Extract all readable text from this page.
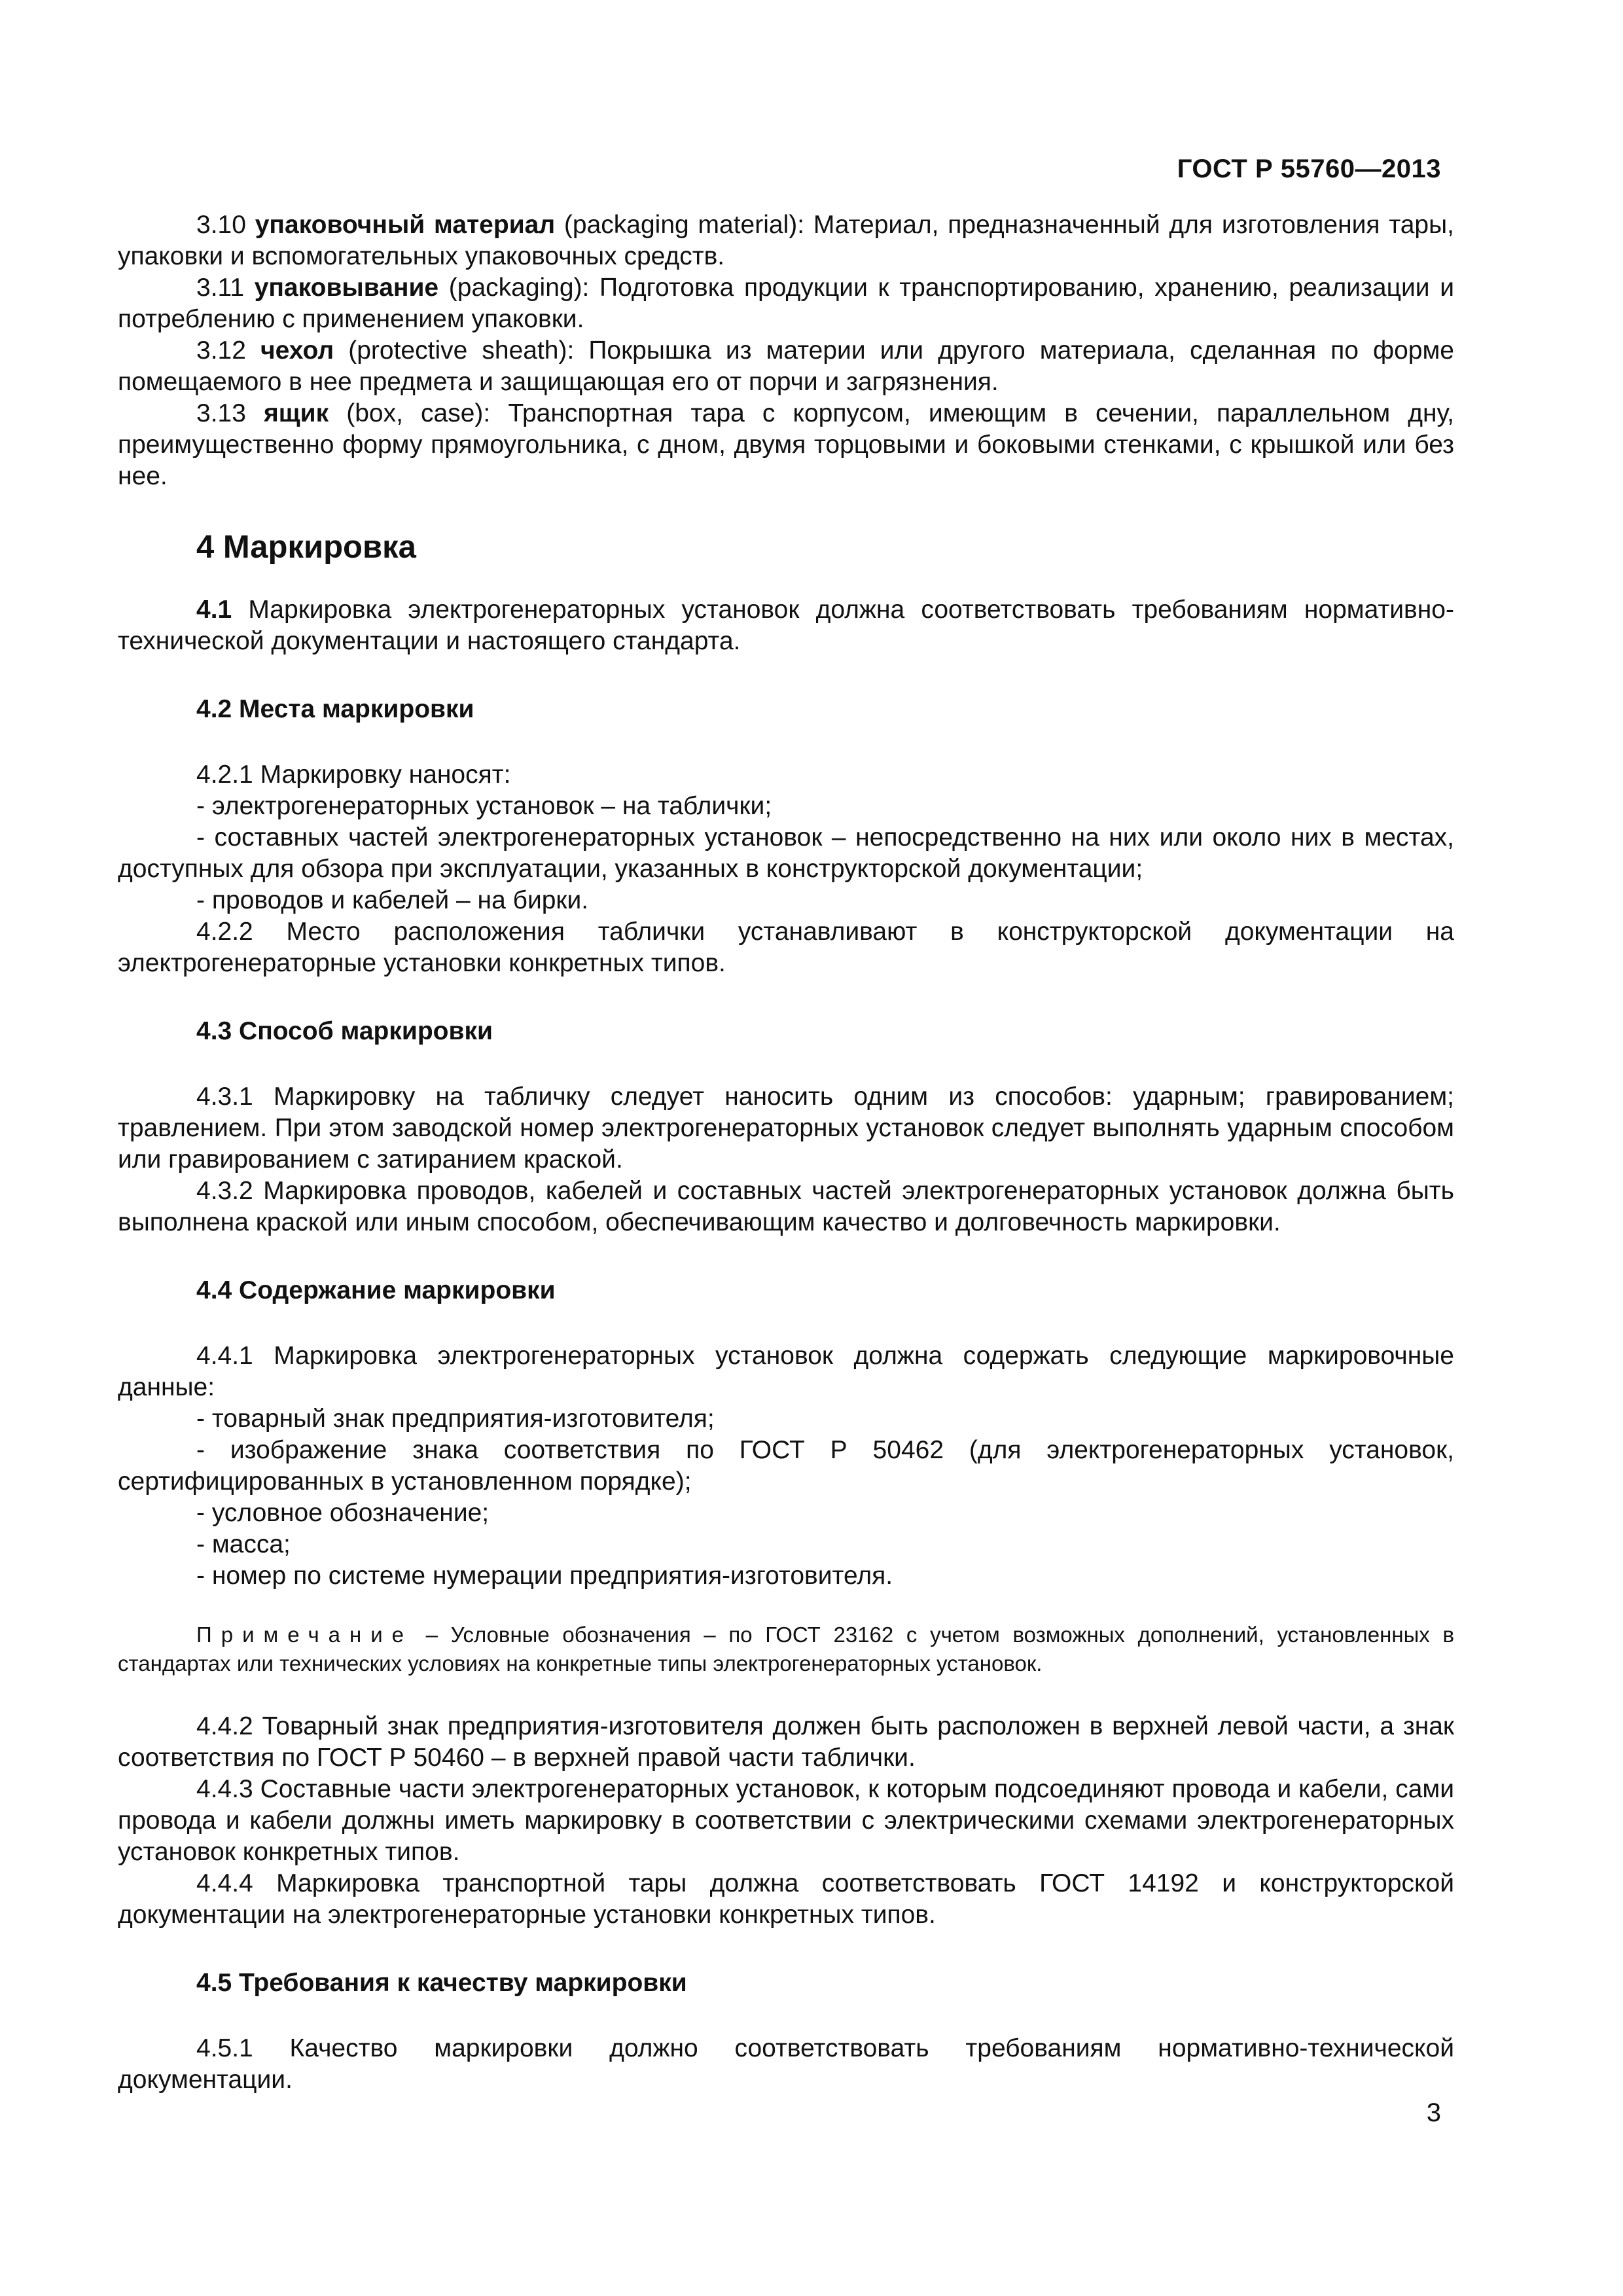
ГОСТ Р 55760—2013

3.10 упаковочный материал (packaging material): Материал, предназначенный для изготовления тары, упаковки и вспомогательных упаковочных средств.

3.11 упаковывание (packaging): Подготовка продукции к транспортированию, хранению, реализации и потреблению с применением упаковки.

3.12 чехол (protective sheath): Покрышка из материи или другого материала, сделанная по форме помещаемого в нее предмета и защищающая его от порчи и загрязнения.

3.13 ящик (box, case): Транспортная тара с корпусом, имеющим в сечении, параллельном дну, преимущественно форму прямоугольника, с дном, двумя торцовыми и боковыми стенками, с крышкой или без нее.

4 Маркировка

4.1 Маркировка электрогенераторных установок должна соответствовать требованиям нормативно-технической документации и настоящего стандарта.

4.2 Места маркировки

4.2.1 Маркировку наносят:

- электрогенераторных установок – на таблички;

- составных частей электрогенераторных установок – непосредственно на них или около них в местах, доступных для обзора при эксплуатации, указанных в конструкторской документации;

- проводов и кабелей – на бирки.

4.2.2 Место расположения таблички устанавливают в конструкторской документации на электрогенераторные установки конкретных типов.

4.3 Способ маркировки

4.3.1 Маркировку на табличку следует наносить одним из способов: ударным; гравированием; травлением. При этом заводской номер электрогенераторных установок следует выполнять ударным способом или гравированием с затиранием краской.

4.3.2 Маркировка проводов, кабелей и составных частей электрогенераторных установок должна быть выполнена краской или иным способом, обеспечивающим качество и долговечность маркировки.

4.4 Содержание маркировки

4.4.1 Маркировка электрогенераторных установок должна содержать следующие маркировочные данные:

- товарный знак предприятия-изготовителя;

- изображение знака соответствия по ГОСТ Р 50462 (для электрогенераторных установок, сертифицированных в установленном порядке);

- условное обозначение;

- масса;

- номер по системе нумерации предприятия-изготовителя.

Примечание – Условные обозначения – по ГОСТ 23162 с учетом возможных дополнений, установленных в стандартах или технических условиях на конкретные типы электрогенераторных установок.

4.4.2 Товарный знак предприятия-изготовителя должен быть расположен в верхней левой части, а знак соответствия по ГОСТ Р 50460 – в верхней правой части таблички.

4.4.3 Составные части электрогенераторных установок, к которым подсоединяют провода и кабели, сами провода и кабели должны иметь маркировку в соответствии с электрическими схемами электрогенераторных установок конкретных типов.

4.4.4 Маркировка транспортной тары должна соответствовать ГОСТ 14192 и конструкторской документации на электрогенераторные установки конкретных типов.

4.5 Требования к качеству маркировки

4.5.1 Качество маркировки должно соответствовать требованиям нормативно-технической документации.

3
